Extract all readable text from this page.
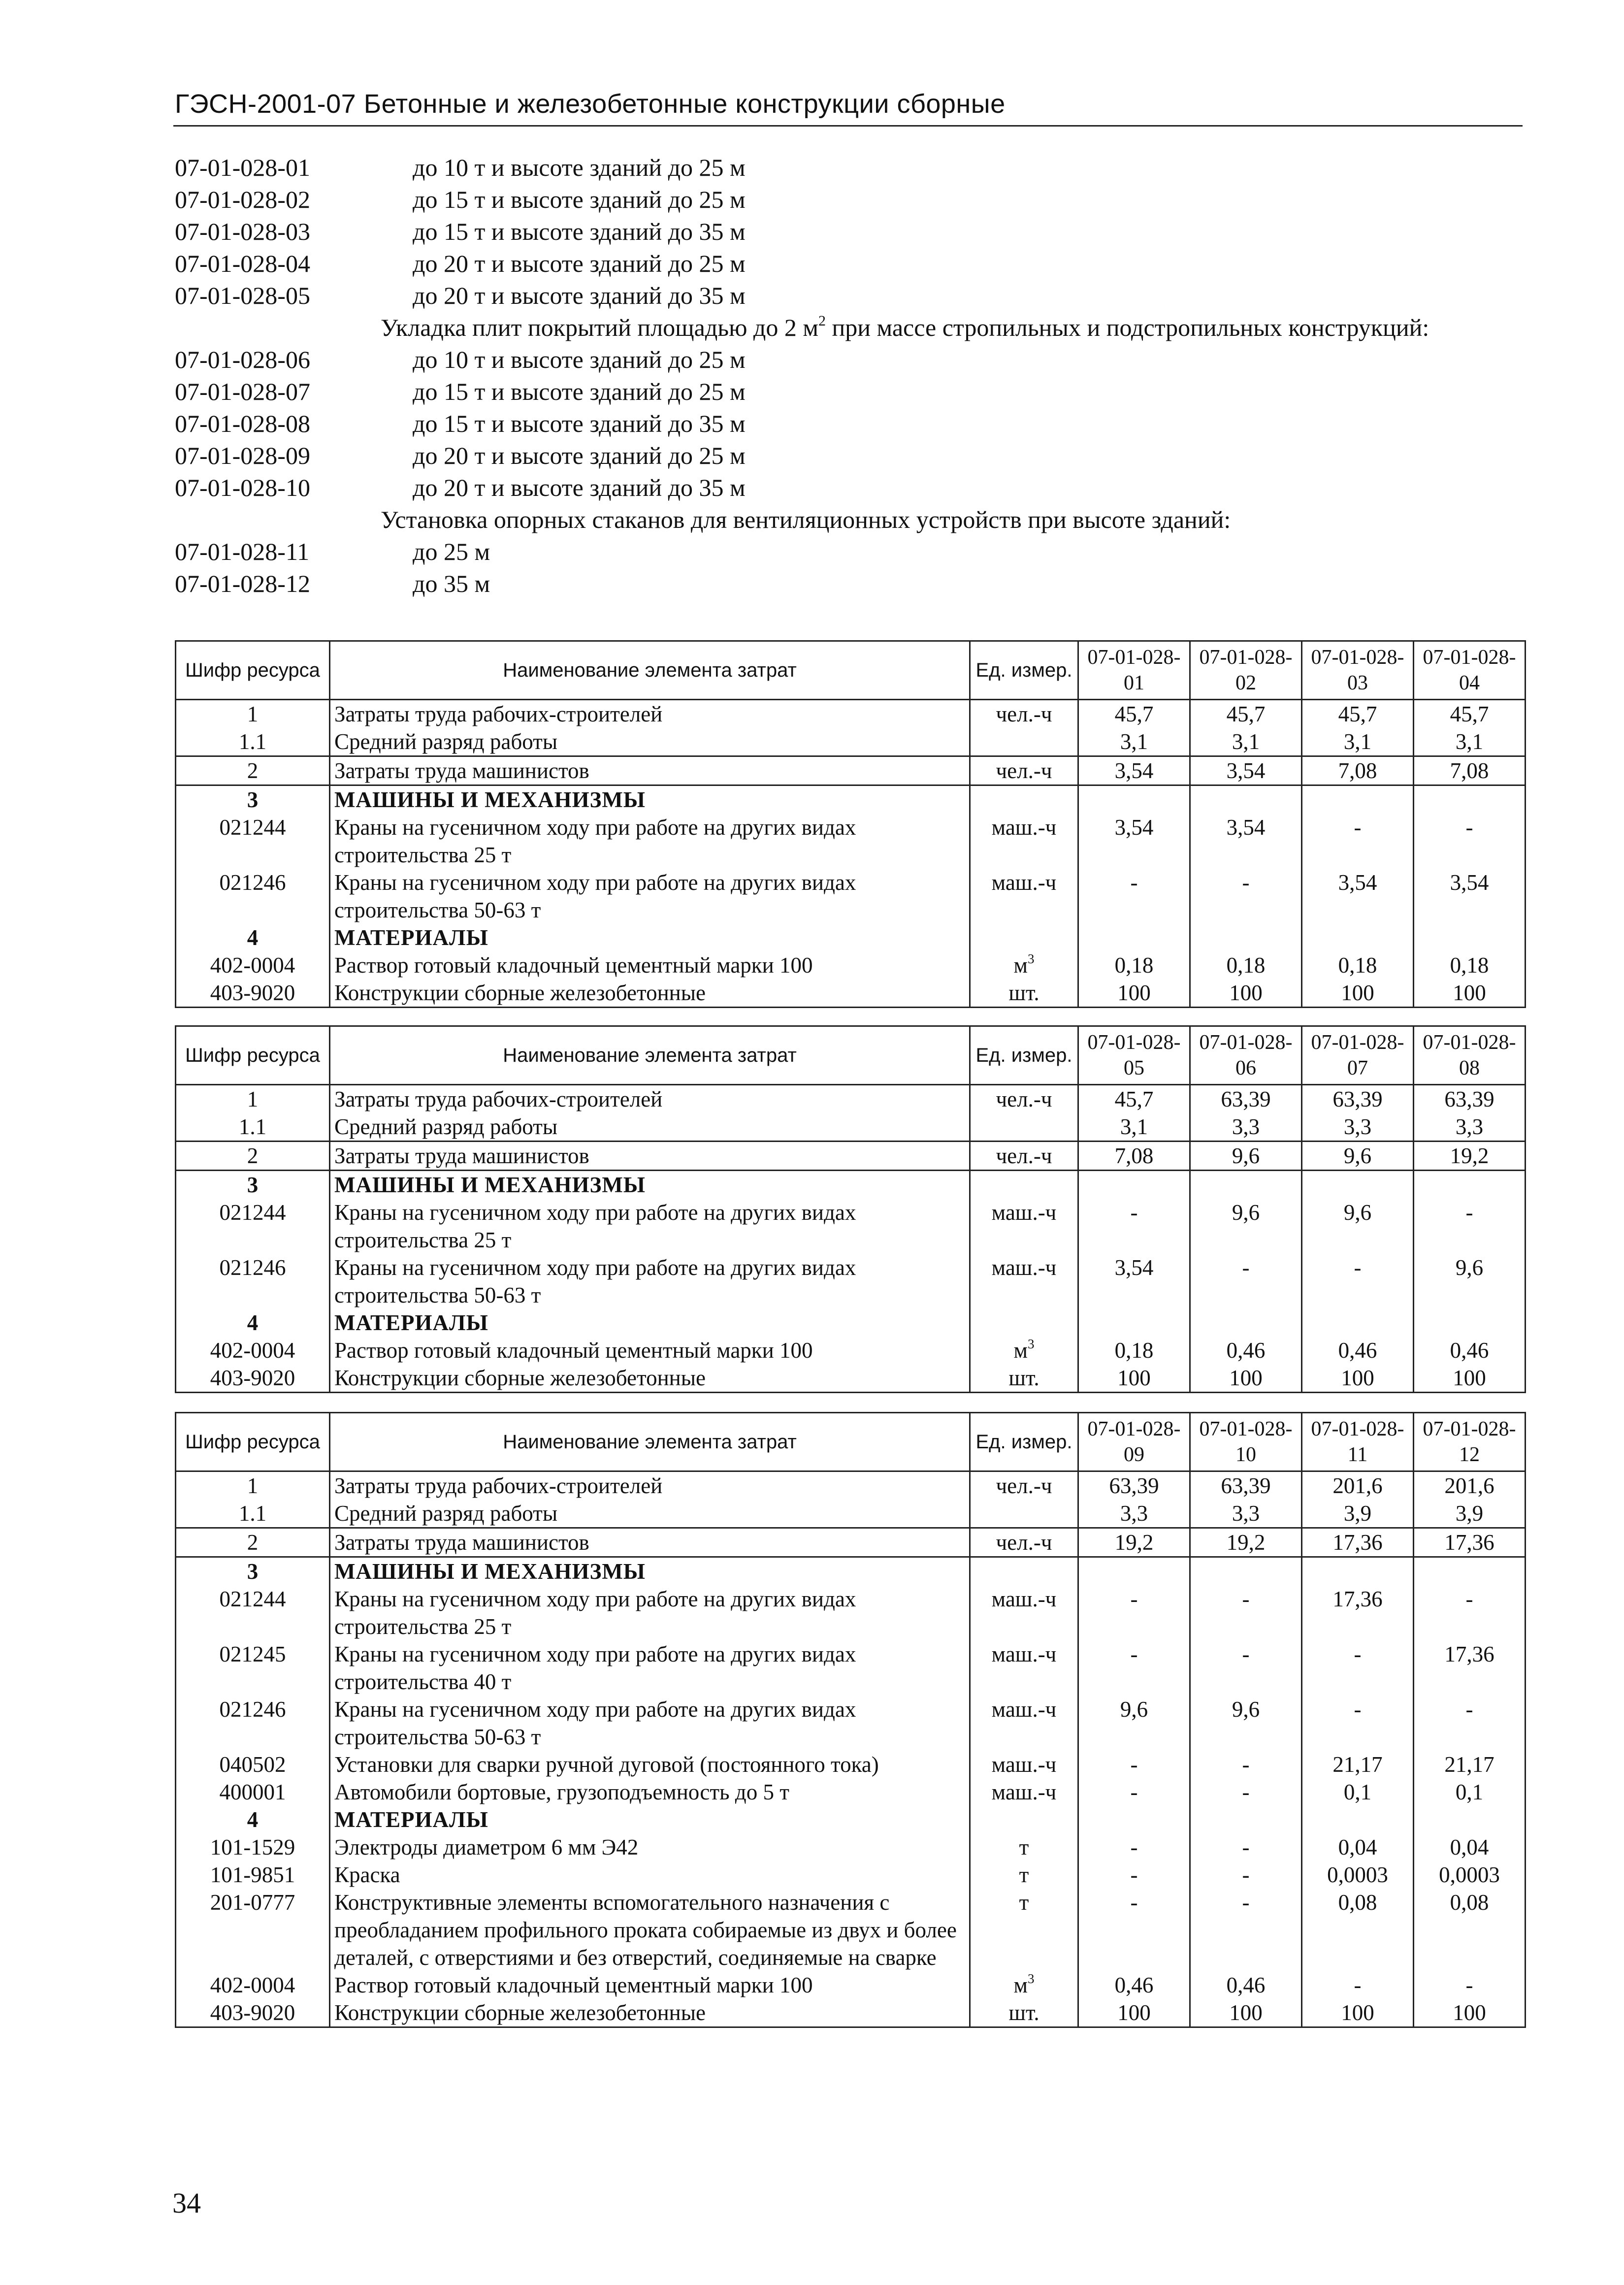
ГЭСН-2001-07 Бетонные и железобетонные конструкции сборные
07-01-028-01	до 10 т и высоте зданий до 25 м
07-01-028-02	до 15 т и высоте зданий до 25 м
07-01-028-03	до 15 т и высоте зданий до 35 м
07-01-028-04	до 20 т и высоте зданий до 25 м
07-01-028-05	до 20 т и высоте зданий до 35 м
Укладка плит покрытий площадью до 2 $м^2$ при массе стропильных и подстропильных конструкций:
07-01-028-06	до 10 т и высоте зданий до 25 м
07-01-028-07	до 15 т и высоте зданий до 25 м
07-01-028-08	до 15 т и высоте зданий до 35 м
07-01-028-09	до 20 т и высоте зданий до 25 м
07-01-028-10	до 20 т и высоте зданий до 35 м
Установка опорных стаканов для вентиляционных устройств при высоте зданий:
07-01-028-11	до 25 м
07-01-028-12	до 35 м
Шифр ресурса	Наименование элемента затрат	Ед. измер.	07-01-028-01	07-01-028-02	07-01-028-03	07-01-028-04
1	Затраты труда рабочих-строителей	чел.-ч	45,7	45,7	45,7	45,7
1.1	Средний разряд работы		3,1	3,1	3,1	3,1
2	Затраты труда машинистов	чел.-ч	3,54	3,54	7,08	7,08
3	МАШИНЫ И МЕХАНИЗМЫ					
021244	Краны на гусеничном ходу при работе на других видах строительства 25 т	маш.-ч	3,54	3,54	-	-
021246	Краны на гусеничном ходу при работе на других видах строительства 50-63 т	маш.-ч	-	-	3,54	3,54
4	МАТЕРИАЛЫ					
402-0004	Раствор готовый кладочный цементный марки 100	$м^3$	0,18	0,18	0,18	0,18
403-9020	Конструкции сборные железобетонные	шт.	100	100	100	100
Шифр ресурса	Наименование элемента затрат	Ед. измер.	07-01-028-05	07-01-028-06	07-01-028-07	07-01-028-08
1	Затраты труда рабочих-строителей	чел.-ч	45,7	63,39	63,39	63,39
1.1	Средний разряд работы		3,1	3,3	3,3	3,3
2	Затраты труда машинистов	чел.-ч	7,08	9,6	9,6	19,2
3	МАШИНЫ И МЕХАНИЗМЫ					
021244	Краны на гусеничном ходу при работе на других видах строительства 25 т	маш.-ч	-	9,6	9,6	-
021246	Краны на гусеничном ходу при работе на других видах строительства 50-63 т	маш.-ч	3,54	-	-	9,6
4	МАТЕРИАЛЫ					
402-0004	Раствор готовый кладочный цементный марки 100	$м^3$	0,18	0,46	0,46	0,46
403-9020	Конструкции сборные железобетонные	шт.	100	100	100	100
Шифр ресурса	Наименование элемента затрат	Ед. измер.	07-01-028-09	07-01-028-10	07-01-028-11	07-01-028-12
1	Затраты труда рабочих-строителей	чел.-ч	63,39	63,39	201,6	201,6
1.1	Средний разряд работы		3,3	3,3	3,9	3,9
2	Затраты труда машинистов	чел.-ч	19,2	19,2	17,36	17,36
3	МАШИНЫ И МЕХАНИЗМЫ					
021244	Краны на гусеничном ходу при работе на других видах строительства 25 т	маш.-ч	-	-	17,36	-
021245	Краны на гусеничном ходу при работе на других видах строительства 40 т	маш.-ч	-	-	-	17,36
021246	Краны на гусеничном ходу при работе на других видах строительства 50-63 т	маш.-ч	9,6	9,6	-	-
040502	Установки для сварки ручной дуговой (постоянного тока)	маш.-ч	-	-	21,17	21,17
400001	Автомобили бортовые, грузоподъемность до 5 т	маш.-ч	-	-	0,1	0,1
4	МАТЕРИАЛЫ					
101-1529	Электроды диаметром 6 мм Э42	т	-	-	0,04	0,04
101-9851	Краска	т	-	-	0,0003	0,0003
201-0777	Конструктивные элементы вспомогательного назначения с преобладанием профильного проката собираемые из двух и более деталей, с отверстиями и без отверстий, соединяемые на сварке	т	-	-	0,08	0,08
402-0004	Раствор готовый кладочный цементный марки 100	$м^3$	0,46	0,46	-	-
403-9020	Конструкции сборные железобетонные	шт.	100	100	100	100
34
